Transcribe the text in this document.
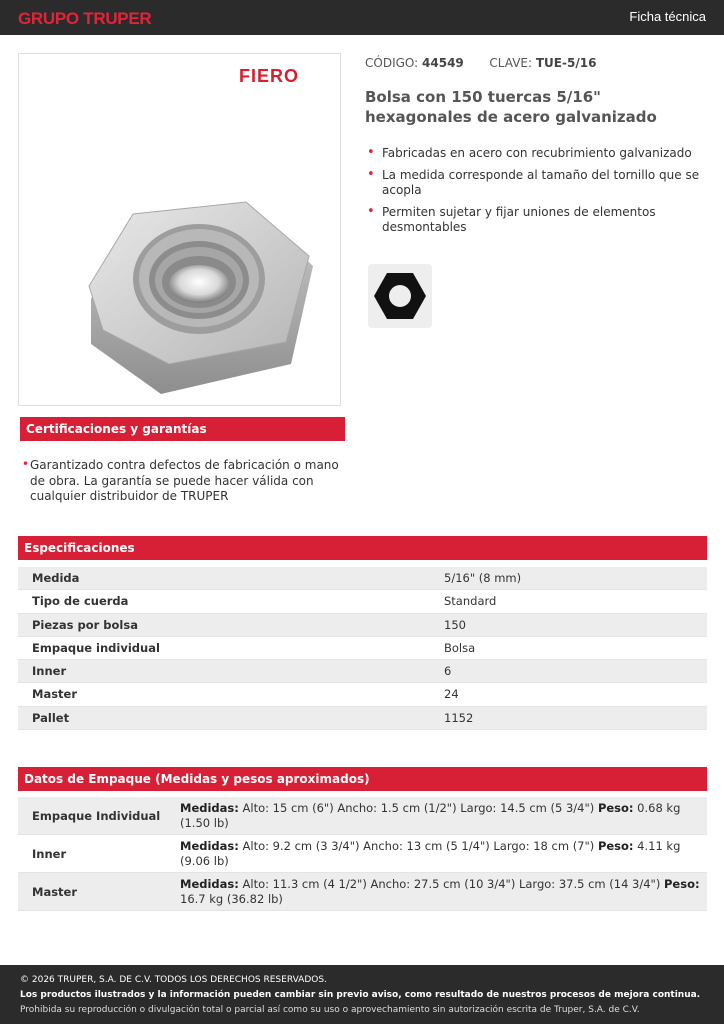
GRUPO TRUPER	Ficha técnica
FIERO
CÓDIGO: 44549 CLAVE: TUE-5/16
Bolsa con 150 tuercas 5/16" hexagonales de acero galvanizado
• Fabricadas en acero con recubrimiento galvanizado
• La medida corresponde al tamaño del tornillo que se acopla
• Permiten sujetar y fijar uniones de elementos desmontables
Certificaciones y garantías
• Garantizado contra defectos de fabricación o mano de obra. La garantía se puede hacer válida con cualquier distribuidor de TRUPER
Especificaciones
Medida	5/16" (8 mm)
Tipo de cuerda	Standard
Piezas por bolsa	150
Empaque individual	Bolsa
Inner	6
Master	24
Pallet	1152
Datos de Empaque (Medidas y pesos aproximados)
Empaque Individual
Medidas: Alto: 15 cm (6") Ancho: 1.5 cm (1/2") Largo: 14.5 cm (5 3/4") Peso: 0.68 kg (1.50 lb)
Inner
Medidas: Alto: 9.2 cm (3 3/4") Ancho: 13 cm (5 1/4") Largo: 18 cm (7") Peso: 4.11 kg (9.06 lb)
Master
Medidas: Alto: 11.3 cm (4 1/2") Ancho: 27.5 cm (10 3/4") Largo: 37.5 cm (14 3/4") Peso: 16.7 kg (36.82 lb)
© 2026 TRUPER, S.A. DE C.V. TODOS LOS DERECHOS RESERVADOS.
Los productos ilustrados y la información pueden cambiar sin previo aviso, como resultado de nuestros procesos de mejora continua.
Prohibida su reproducción o divulgación total o parcial así como su uso o aprovechamiento sin autorización escrita de Truper, S.A. de C.V.
